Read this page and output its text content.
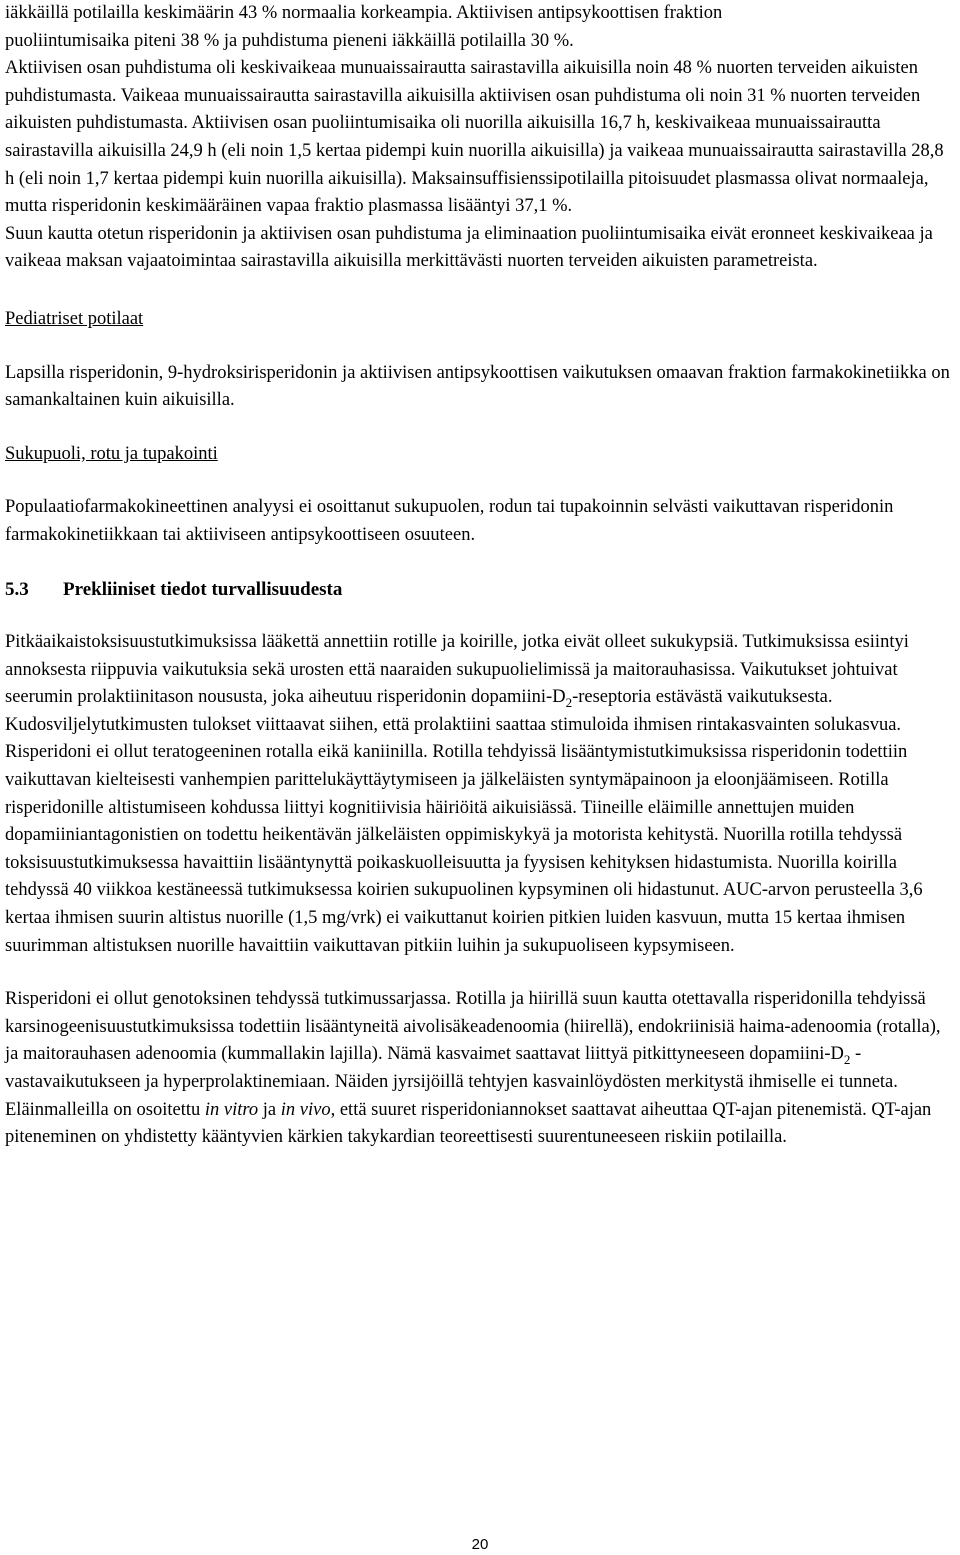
iäkkäillä potilailla keskimäärin 43 % normaalia korkeampia. Aktiivisen antipsykoottisen fraktion
puoliintumisaika piteni 38 % ja puhdistuma pieneni iäkkäillä potilailla 30 %.

Aktiivisen osan puhdistuma oli keskivaikeaa munuaissairautta sairastavilla aikuisilla noin 48 % nuorten terveiden aikuisten puhdistumasta. Vaikeaa munuaissairautta sairastavilla aikuisilla aktiivisen osan puhdistuma oli noin 31 % nuorten terveiden aikuisten puhdistumasta. Aktiivisen osan puoliintumisaika oli nuorilla aikuisilla 16,7 h, keskivaikeaa munuaissairautta sairastavilla aikuisilla 24,9 h (eli noin 1,5 kertaa pidempi kuin nuorilla aikuisilla) ja vaikeaa munuaissairautta sairastavilla 28,8 h (eli noin 1,7 kertaa pidempi kuin nuorilla aikuisilla). Maksainsuffisienssipotilailla pitoisuudet plasmassa olivat normaaleja, mutta risperidonin keskimääräinen vapaa fraktio plasmassa lisääntyi 37,1 %.

Suun kautta otetun risperidonin ja aktiivisen osan puhdistuma ja eliminaation puoliintumisaika eivät eronneet keskivaikeaa ja vaikeaa maksan vajaatoimintaa sairastavilla aikuisilla merkittävästi nuorten terveiden aikuisten parametreista.

Pediatriset potilaat

Lapsilla risperidonin, 9-hydroksirisperidonin ja aktiivisen antipsykoottisen vaikutuksen omaavan fraktion farmakokinetiikka on samankaltainen kuin aikuisilla.

Sukupuoli, rotu ja tupakointi

Populaatiofarmakokineettinen analyysi ei osoittanut sukupuolen, rodun tai tupakoinnin selvästi vaikuttavan risperidonin farmakokinetiikkaan tai aktiiviseen antipsykoottiseen osuuteen.

5.3 Prekliiniset tiedot turvallisuudesta

Pitkäaikaistoksisuustutkimuksissa lääkettä annettiin rotille ja koirille, jotka eivät olleet sukukypsiä. Tutkimuksissa esiintyi annoksesta riippuvia vaikutuksia sekä urosten että naaraiden sukupuolielimissä ja maitorauhasissa. Vaikutukset johtuivat seerumin prolaktiinitason noususta, joka aiheutuu risperidonin dopamiini-$D_2$-reseptoria estävästä vaikutuksesta. Kudosviljelytutkimusten tulokset viittaavat siihen, että prolaktiini saattaa stimuloida ihmisen rintakasvainten solukasvua. Risperidoni ei ollut teratogeeninen rotalla eikä kaniinilla. Rotilla tehdyissä lisääntymistutkimuksissa risperidonin todettiin vaikuttavan kielteisesti vanhempien parittelukäyttäytymiseen ja jälkeläisten syntymäpainoon ja eloonjäämiseen. Rotilla risperidonille altistumiseen kohdussa liittyi kognitiivisia häiriöitä aikuisiässä. Tiineille eläimille annettujen muiden dopamiiniantagonistien on todettu heikentävän jälkeläisten oppimiskykyä ja motorista kehitystä. Nuorilla rotilla tehdyssä toksisuustutkimuksessa havaittiin lisääntynyttä poikaskuolleisuutta ja fyysisen kehityksen hidastumista. Nuorilla koirilla tehdyssä 40 viikkoa kestäneessä tutkimuksessa koirien sukupuolinen kypsyminen oli hidastunut. AUC-arvon perusteella 3,6 kertaa ihmisen suurin altistus nuorille (1,5 mg/vrk) ei vaikuttanut koirien pitkien luiden kasvuun, mutta 15 kertaa ihmisen suurimman altistuksen nuorille havaittiin vaikuttavan pitkiin luihin ja sukupuoliseen kypsymiseen.

Risperidoni ei ollut genotoksinen tehdyssä tutkimussarjassa. Rotilla ja hiirillä suun kautta otettavalla risperidonilla tehdyissä karsinogeenisuustutkimuksissa todettiin lisääntyneitä aivolisäkeadenoomia (hiirellä), endokriinisiä haima-adenoomia (rotalla), ja maitorauhasen adenoomia (kummallakin lajilla). Nämä kasvaimet saattavat liittyä pitkittyneeseen dopamiini-$D_2$ -vastavaikutukseen ja hyperprolaktinemiaan. Näiden jyrsijöillä tehtyjen kasvainlöydösten merkitystä ihmiselle ei tunneta. Eläinmalleilla on osoitettu in vitro ja in vivo, että suuret risperidoniannokset saattavat aiheuttaa QT-ajan pitenemistä. QT-ajan piteneminen on yhdistetty kääntyvien kärkien takykardian teoreettisesti suurentuneeseen riskiin potilailla.

20
